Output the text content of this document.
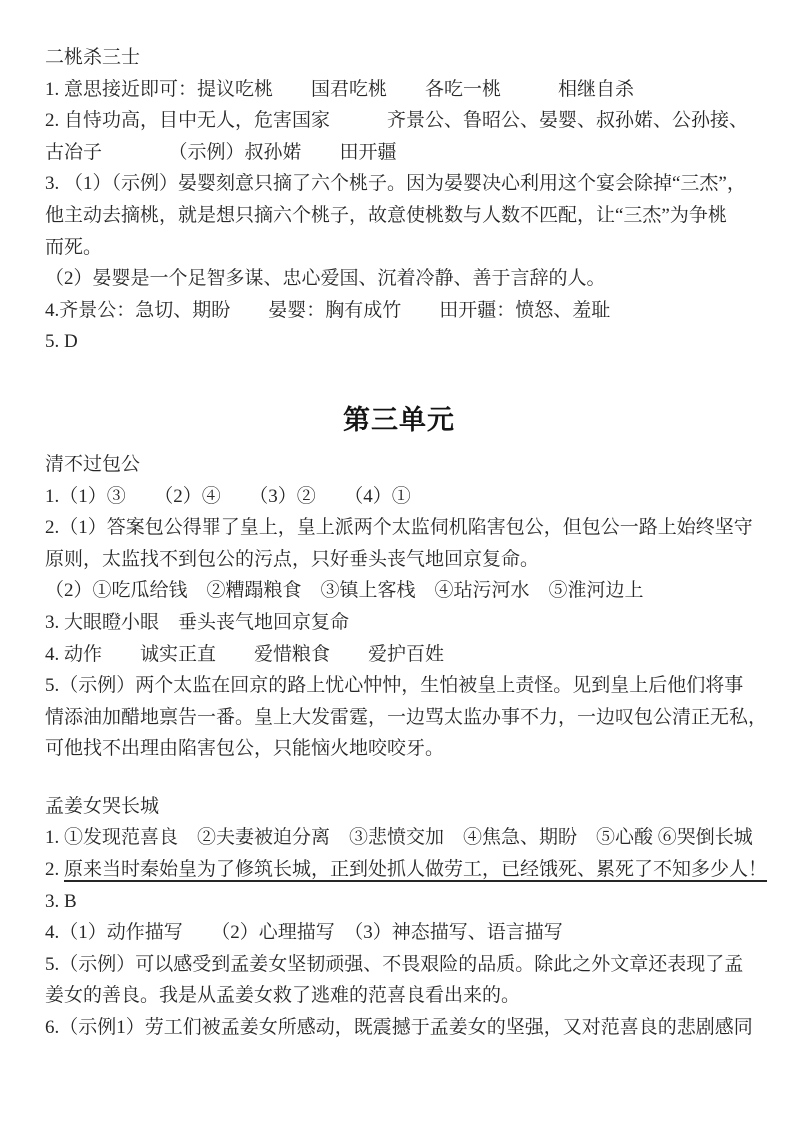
二桃杀三士
1. 意思接近即可：提议吃桃　　国君吃桃　　各吃一桃　　　相继自杀
2. 自恃功高，目中无人，危害国家　　　齐景公、鲁昭公、晏婴、叔孙婼、公孙接、
古冶子　　　　（示例）叔孙婼　　田开疆
3. （1）（示例）晏婴刻意只摘了六个桃子。因为晏婴决心利用这个宴会除掉“三杰”，
他主动去摘桃，就是想只摘六个桃子，故意使桃数与人数不匹配，让“三杰”为争桃
而死。
（2）晏婴是一个足智多谋、忠心爱国、沉着冷静、善于言辞的人。
4.齐景公：急切、期盼　　晏婴：胸有成竹　　田开疆：愤怒、羞耻
5. D
第三单元
清不过包公
1.（1）③　　（2）④　　（3）②　　（4）①
2.（1）答案包公得罪了皇上，皇上派两个太监伺机陷害包公，但包公一路上始终坚守
原则，太监找不到包公的污点，只好垂头丧气地回京复命。
（2）①吃瓜给钱　②糟蹋粮食　③镇上客栈　④玷污河水　⑤淮河边上
3. 大眼瞪小眼　垂头丧气地回京复命
4. 动作　　诚实正直　　爱惜粮食　　爱护百姓
5.（示例）两个太监在回京的路上忧心忡忡，生怕被皇上责怪。见到皇上后他们将事
情添油加醋地禀告一番。皇上大发雷霆，一边骂太监办事不力，一边叹包公清正无私，
可他找不出理由陷害包公，只能恼火地咬咬牙。
孟姜女哭长城
1. ①发现范喜良　②夫妻被迫分离　③悲愤交加　④焦急、期盼　⑤心酸 ⑥哭倒长城
2. 原来当时秦始皇为了修筑长城，正到处抓人做劳工，已经饿死、累死了不知多少人！
3. B
4.（1）动作描写　　（2）心理描写　（3）神态描写、语言描写
5.（示例）可以感受到孟姜女坚韧顽强、不畏艰险的品质。除此之外文章还表现了孟
姜女的善良。我是从孟姜女救了逃难的范喜良看出来的。
6.（示例1）劳工们被孟姜女所感动，既震撼于孟姜女的坚强，又对范喜良的悲剧感同
